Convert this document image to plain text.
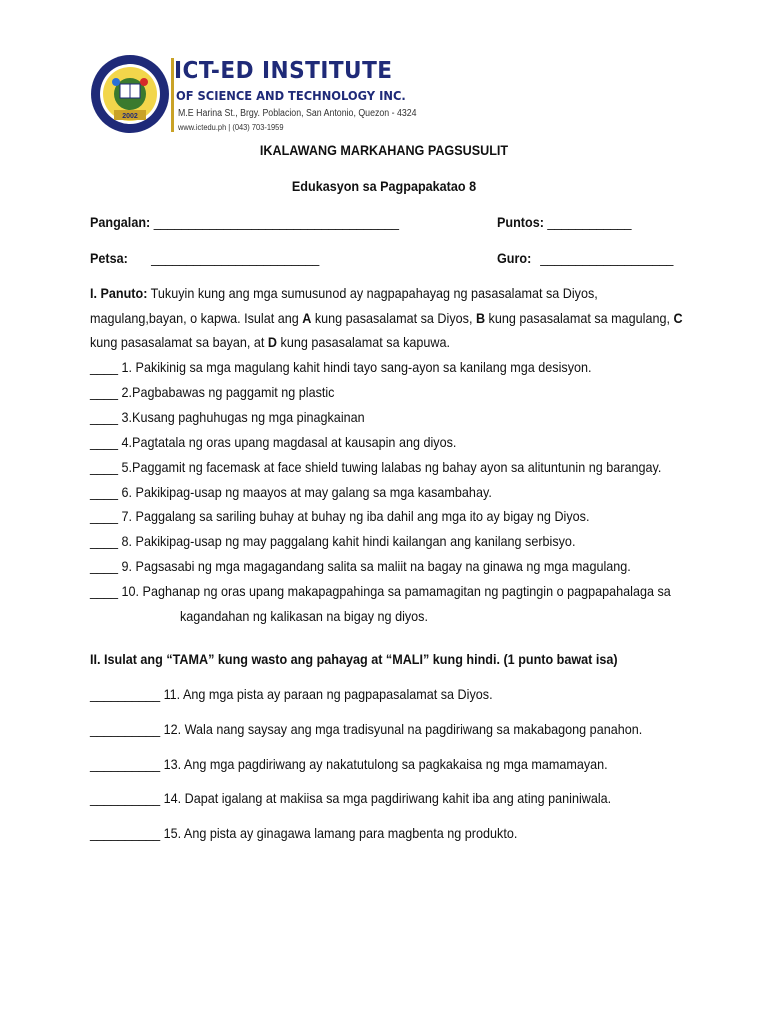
2002
ICT-ED INSTITUTE
OF SCIENCE AND TECHNOLOGY INC.
M.E Harina St., Brgy. Poblacion, San Antonio, Quezon - 4324
www.ictedu.ph | (043) 703-1959
IKALAWANG MARKAHANG PAGSUSULIT
Edukasyon sa Pagpapakatao 8
Pangalan: ___________________________________	Puntos: ____________
Petsa: ________________________	Guro: ___________________
I. Panuto: Tukuyin kung ang mga sumusunod ay nagpapahayag ng pasasalamat sa Diyos,
magulang,bayan, o kapwa. Isulat ang A kung pasasalamat sa Diyos, B kung pasasalamat sa magulang, C
kung pasasalamat sa bayan, at D kung pasasalamat sa kapuwa.
____ 1. Pakikinig sa mga magulang kahit hindi tayo sang-ayon sa kanilang mga desisyon.
____ 2.Pagbabawas ng paggamit ng plastic
____ 3.Kusang paghuhugas ng mga pinagkainan
____ 4.Pagtatala ng oras upang magdasal at kausapin ang diyos.
____ 5.Paggamit ng facemask at face shield tuwing lalabas ng bahay ayon sa alituntunin ng barangay.
____ 6. Pakikipag-usap ng maayos at may galang sa mga kasambahay.
____ 7. Paggalang sa sariling buhay at buhay ng iba dahil ang mga ito ay bigay ng Diyos.
____ 8. Pakikipag-usap ng may paggalang kahit hindi kailangan ang kanilang serbisyo.
____ 9. Pagsasabi ng mga magagandang salita sa maliit na bagay na ginawa ng mga magulang.
____ 10. Paghanap ng oras upang makapagpahinga sa pamamagitan ng pagtingin o pagpapahalaga sa
kagandahan ng kalikasan na bigay ng diyos.
II. Isulat ang “TAMA” kung wasto ang pahayag at “MALI” kung hindi. (1 punto bawat isa)
__________ 11. Ang mga pista ay paraan ng pagpapasalamat sa Diyos.
__________ 12. Wala nang saysay ang mga tradisyunal na pagdiriwang sa makabagong panahon.
__________ 13. Ang mga pagdiriwang ay nakatutulong sa pagkakaisa ng mga mamamayan.
__________ 14. Dapat igalang at makiisa sa mga pagdiriwang kahit iba ang ating paniniwala.
__________ 15. Ang pista ay ginagawa lamang para magbenta ng produkto.
